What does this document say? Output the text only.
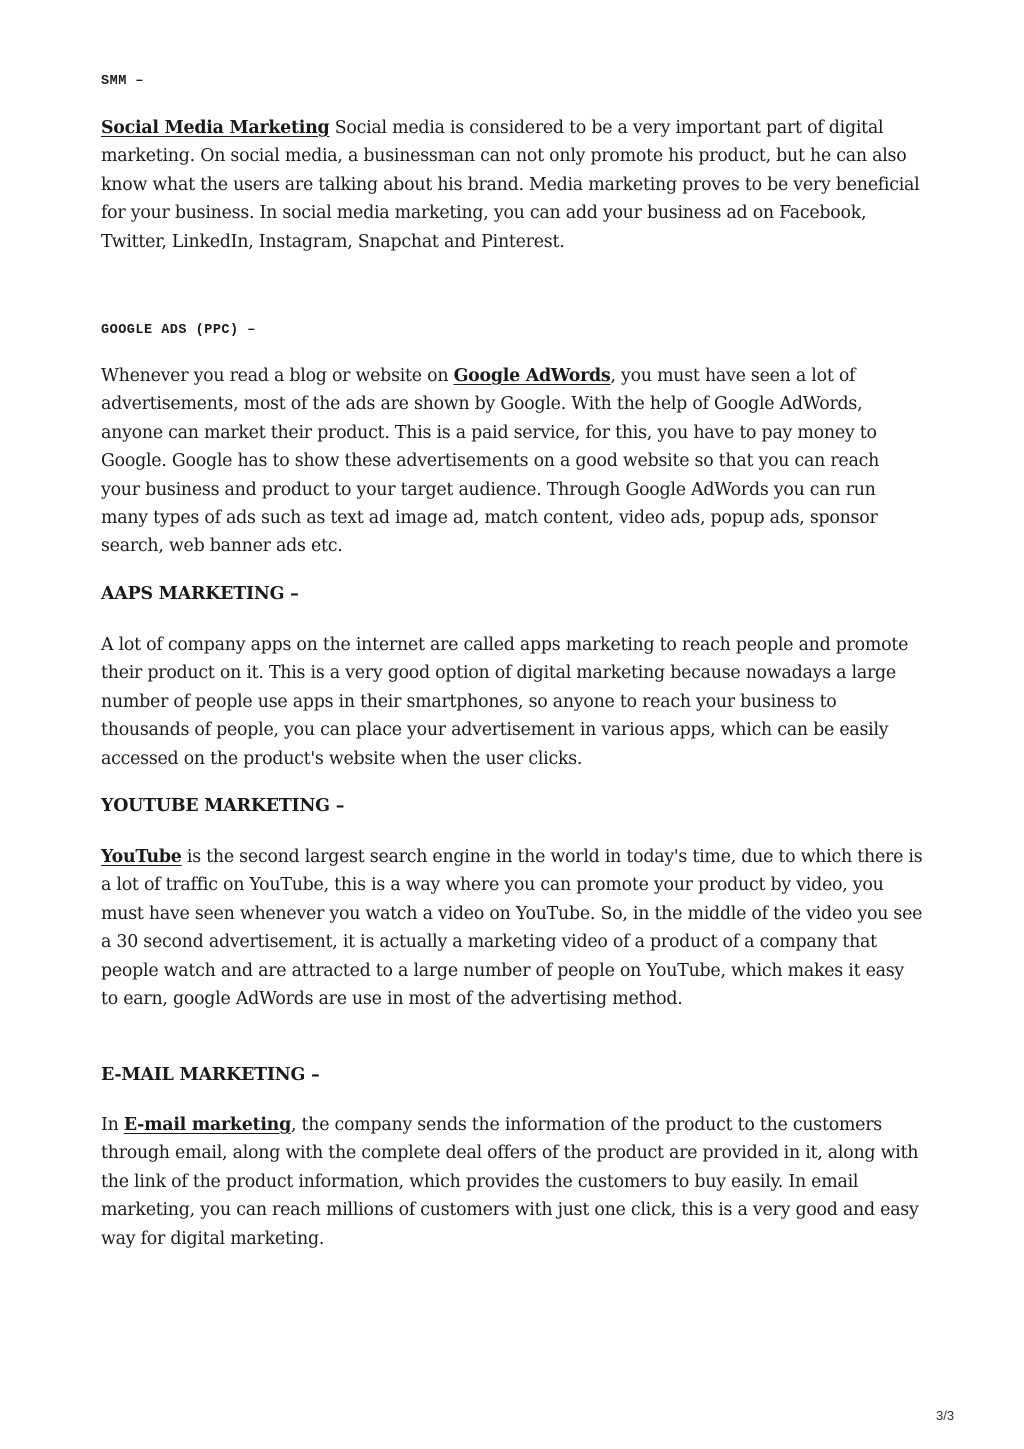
SMM –

Social Media Marketing Social media is considered to be a very important part of digital marketing. On social media, a businessman can not only promote his product, but he can also know what the users are talking about his brand. Media marketing proves to be very beneficial for your business. In social media marketing, you can add your business ad on Facebook, Twitter, LinkedIn, Instagram, Snapchat and Pinterest.

GOOGLE ADS (PPC) –

Whenever you read a blog or website on Google AdWords, you must have seen a lot of advertisements, most of the ads are shown by Google. With the help of Google AdWords, anyone can market their product. This is a paid service, for this, you have to pay money to Google. Google has to show these advertisements on a good website so that you can reach your business and product to your target audience. Through Google AdWords you can run many types of ads such as text ad image ad, match content, video ads, popup ads, sponsor search, web banner ads etc.

AAPS MARKETING –

A lot of company apps on the internet are called apps marketing to reach people and promote their product on it. This is a very good option of digital marketing because nowadays a large number of people use apps in their smartphones, so anyone to reach your business to thousands of people, you can place your advertisement in various apps, which can be easily accessed on the product's website when the user clicks.

YOUTUBE MARKETING –

YouTube is the second largest search engine in the world in today's time, due to which there is a lot of traffic on YouTube, this is a way where you can promote your product by video, you must have seen whenever you watch a video on YouTube. So, in the middle of the video you see a 30 second advertisement, it is actually a marketing video of a product of a company that people watch and are attracted to a large number of people on YouTube, which makes it easy to earn, google AdWords are use in most of the advertising method.

E-MAIL MARKETING –

In E-mail marketing, the company sends the information of the product to the customers through email, along with the complete deal offers of the product are provided in it, along with the link of the product information, which provides the customers to buy easily. In email marketing, you can reach millions of customers with just one click, this is a very good and easy way for digital marketing.

3/3
